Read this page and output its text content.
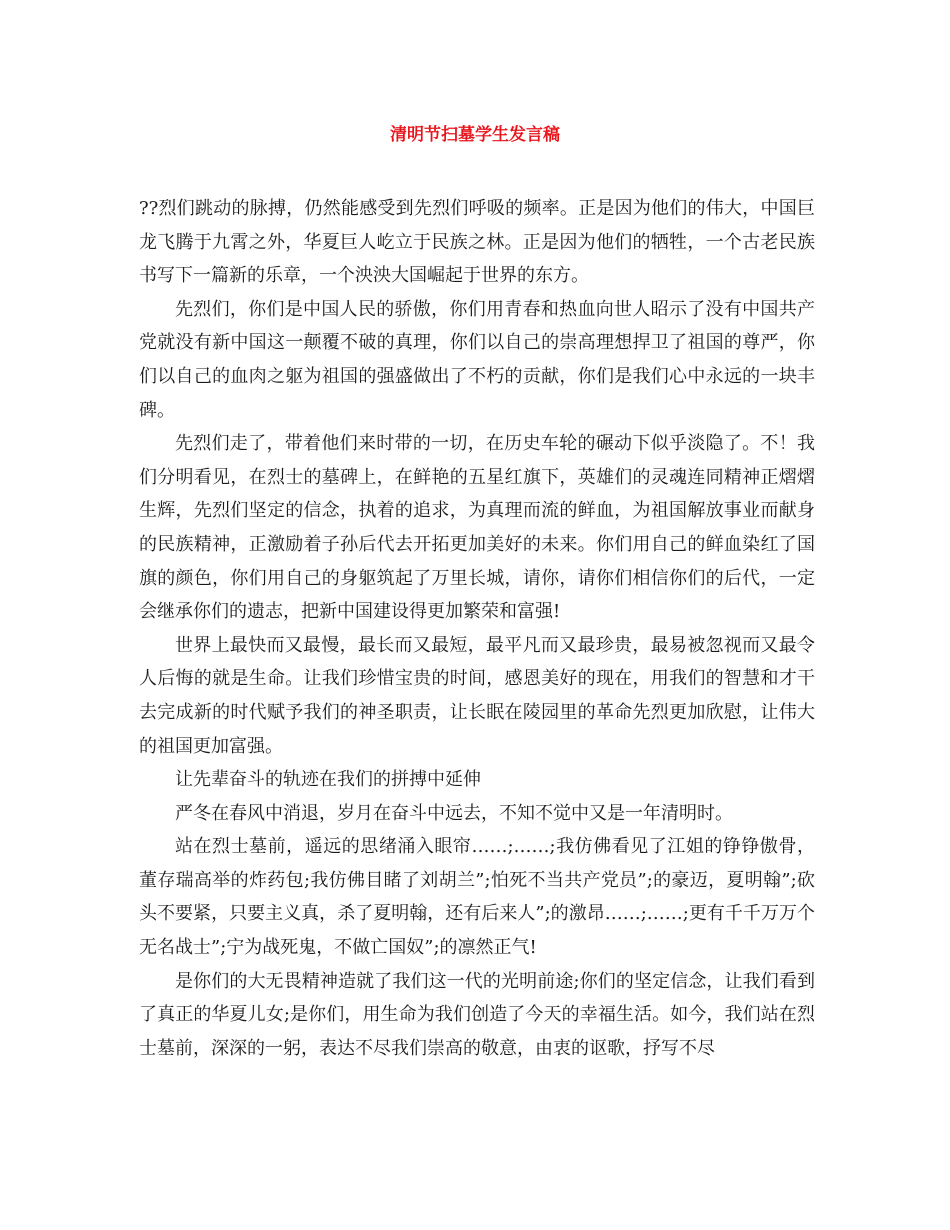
清明节扫墓学生发言稿

??烈们跳动的脉搏，仍然能感受到先烈们呼吸的频率。正是因为他们的伟大，中国巨龙飞腾于九霄之外，华夏巨人屹立于民族之林。正是因为他们的牺牲，一个古老民族书写下一篇新的乐章，一个泱泱大国崛起于世界的东方。

先烈们，你们是中国人民的骄傲，你们用青春和热血向世人昭示了没有中国共产党就没有新中国这一颠覆不破的真理，你们以自己的崇高理想捍卫了祖国的尊严，你们以自己的血肉之躯为祖国的强盛做出了不朽的贡献，你们是我们心中永远的一块丰碑。

先烈们走了，带着他们来时带的一切，在历史车轮的碾动下似乎淡隐了。不！我们分明看见，在烈士的墓碑上，在鲜艳的五星红旗下，英雄们的灵魂连同精神正熠熠生辉，先烈们坚定的信念，执着的追求，为真理而流的鲜血，为祖国解放事业而献身的民族精神，正激励着子孙后代去开拓更加美好的未来。你们用自己的鲜血染红了国旗的颜色，你们用自己的身躯筑起了万里长城，请你，请你们相信你们的后代，一定会继承你们的遗志，把新中国建设得更加繁荣和富强!

世界上最快而又最慢，最长而又最短，最平凡而又最珍贵，最易被忽视而又最令人后悔的就是生命。让我们珍惜宝贵的时间，感恩美好的现在，用我们的智慧和才干去完成新的时代赋予我们的神圣职责，让长眠在陵园里的革命先烈更加欣慰，让伟大的祖国更加富强。

让先辈奋斗的轨迹在我们的拼搏中延伸

严冬在春风中消退，岁月在奋斗中远去，不知不觉中又是一年清明时。

站在烈士墓前，遥远的思绪涌入眼帘……;……;我仿佛看见了江姐的铮铮傲骨，董存瑞高举的炸药包;我仿佛目睹了刘胡兰”;怕死不当共产党员”;的豪迈，夏明翰”;砍头不要紧，只要主义真，杀了夏明翰，还有后来人”;的激昂……;……;更有千千万万个无名战士”;宁为战死鬼，不做亡国奴”;的凛然正气!

是你们的大无畏精神造就了我们这一代的光明前途;你们的坚定信念，让我们看到了真正的华夏儿女;是你们，用生命为我们创造了今天的幸福生活。如今，我们站在烈士墓前，深深的一躬，表达不尽我们崇高的敬意，由衷的讴歌，抒写不尽
